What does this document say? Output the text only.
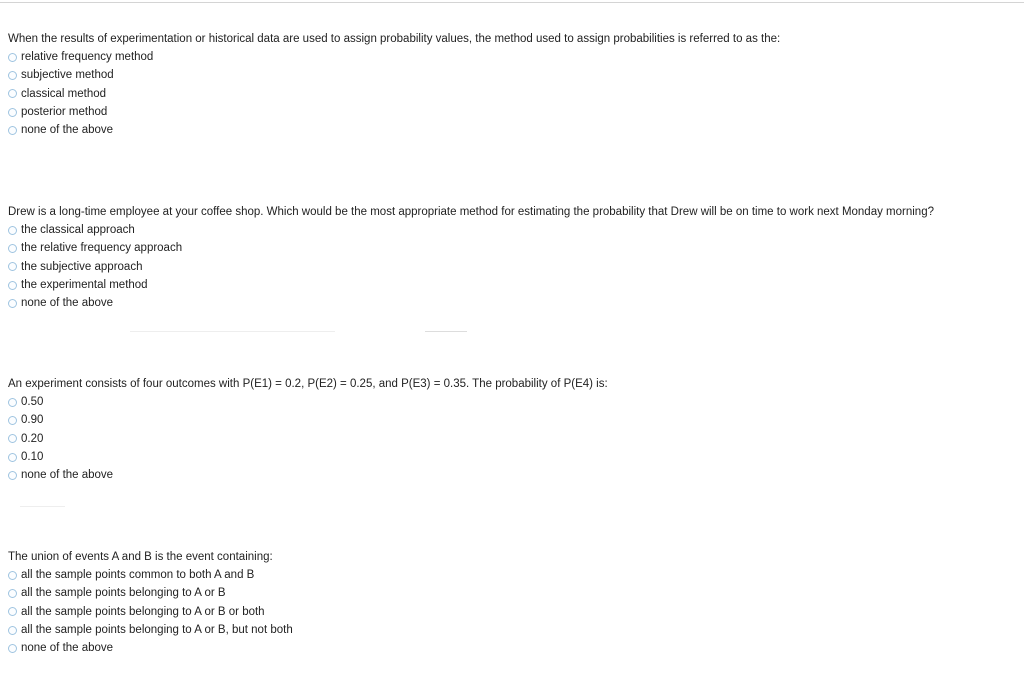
When the results of experimentation or historical data are used to assign probability values, the method used to assign probabilities is referred to as the:

relative frequency method
subjective method
classical method
posterior method
none of the above

Drew is a long-time employee at your coffee shop. Which would be the most appropriate method for estimating the probability that Drew will be on time to work next Monday morning?

the classical approach
the relative frequency approach
the subjective approach
the experimental method
none of the above

An experiment consists of four outcomes with P(E1) = 0.2, P(E2) = 0.25, and P(E3) = 0.35. The probability of P(E4) is:

0.50
0.90
0.20
0.10
none of the above

The union of events A and B is the event containing:

all the sample points common to both A and B
all the sample points belonging to A or B
all the sample points belonging to A or B or both
all the sample points belonging to A or B, but not both
none of the above
